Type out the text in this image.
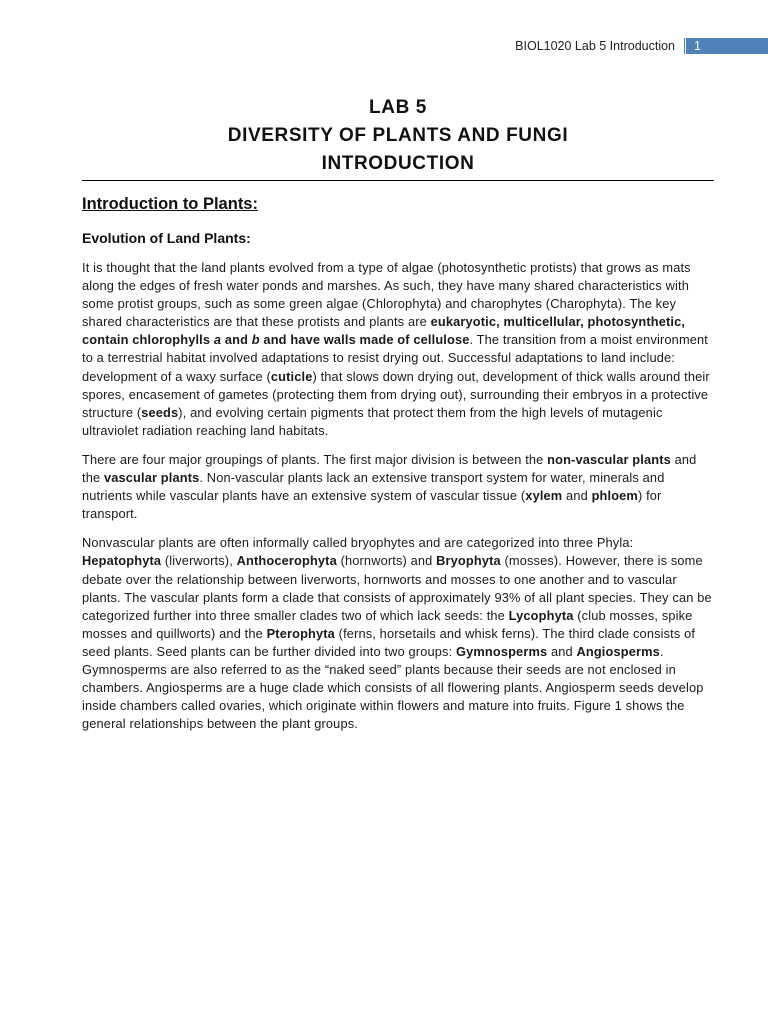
BIOL1020 Lab 5 Introduction 1
LAB 5
DIVERSITY OF PLANTS AND FUNGI
INTRODUCTION
Introduction to Plants:
Evolution of Land Plants:

It is thought that the land plants evolved from a type of algae (photosynthetic protists) that grows as mats along the edges of fresh water ponds and marshes. As such, they have many shared characteristics with some protist groups, such as some green algae (Chlorophyta) and charophytes (Charophyta). The key shared characteristics are that these protists and plants are eukaryotic, multicellular, photosynthetic, contain chlorophylls a and b and have walls made of cellulose. The transition from a moist environment to a terrestrial habitat involved adaptations to resist drying out. Successful adaptations to land include: development of a waxy surface (cuticle) that slows down drying out, development of thick walls around their spores, encasement of gametes (protecting them from drying out), surrounding their embryos in a protective structure (seeds), and evolving certain pigments that protect them from the high levels of mutagenic ultraviolet radiation reaching land habitats.

There are four major groupings of plants. The first major division is between the non-vascular plants and the vascular plants. Non-vascular plants lack an extensive transport system for water, minerals and nutrients while vascular plants have an extensive system of vascular tissue (xylem and phloem) for transport.

Nonvascular plants are often informally called bryophytes and are categorized into three Phyla: Hepatophyta (liverworts), Anthocerophyta (hornworts) and Bryophyta (mosses). However, there is some debate over the relationship between liverworts, hornworts and mosses to one another and to vascular plants. The vascular plants form a clade that consists of approximately 93% of all plant species. They can be categorized further into three smaller clades two of which lack seeds: the Lycophyta (club mosses, spike mosses and quillworts) and the Pterophyta (ferns, horsetails and whisk ferns). The third clade consists of seed plants. Seed plants can be further divided into two groups: Gymnosperms and Angiosperms. Gymnosperms are also referred to as the “naked seed” plants because their seeds are not enclosed in chambers. Angiosperms are a huge clade which consists of all flowering plants. Angiosperm seeds develop inside chambers called ovaries, which originate within flowers and mature into fruits. Figure 1 shows the general relationships between the plant groups.
